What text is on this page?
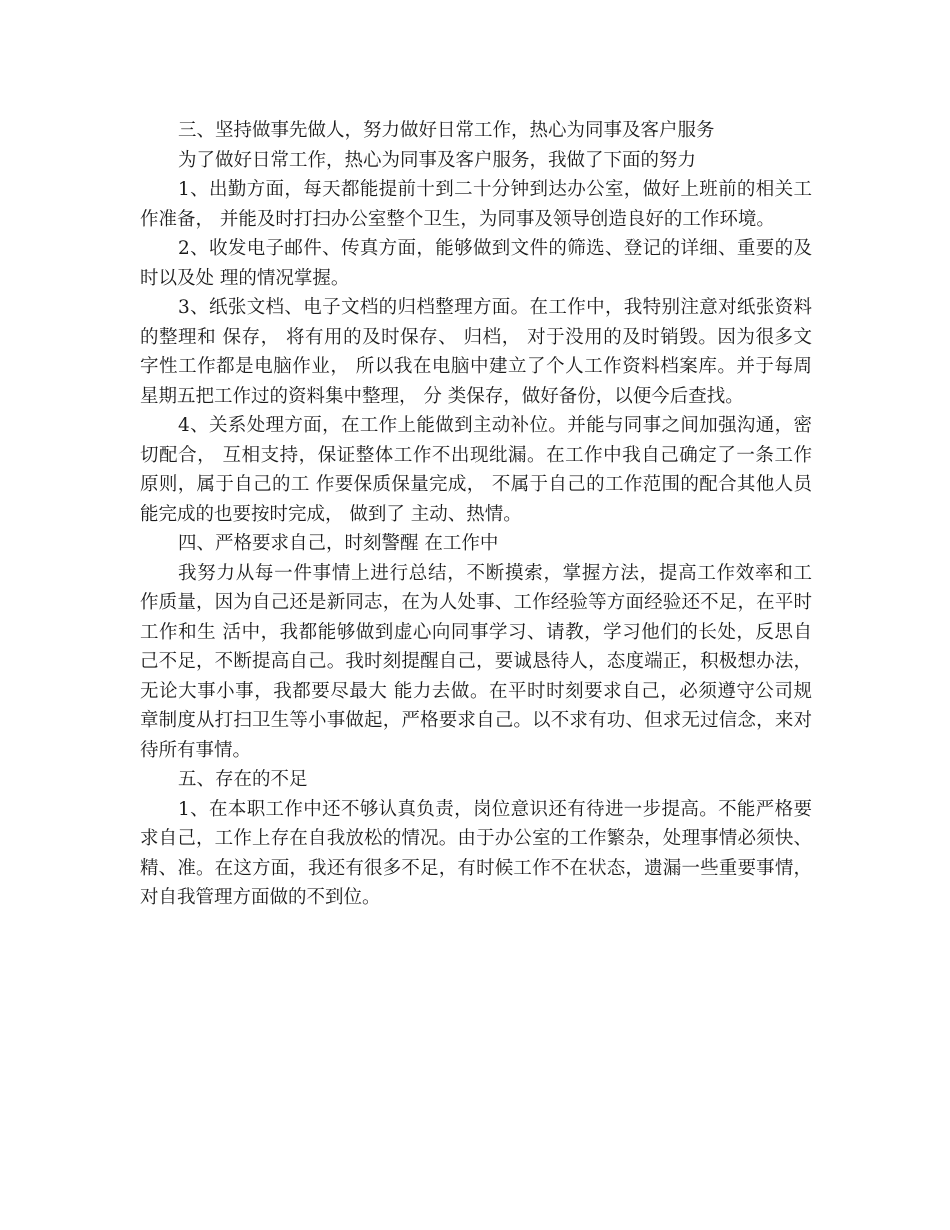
三、坚持做事先做人，努力做好日常工作，热心为同事及客户服务
为了做好日常工作，热心为同事及客户服务，我做了下面的努力
1、出勤方面，每天都能提前十到二十分钟到达办公室，做好上班前的相关工
作准备， 并能及时打扫办公室整个卫生，为同事及领导创造良好的工作环境。
2、收发电子邮件、传真方面，能够做到文件的筛选、登记的详细、重要的及
时以及处 理的情况掌握。
3、纸张文档、电子文档的归档整理方面。在工作中，我特别注意对纸张资料
的整理和 保存， 将有用的及时保存、 归档， 对于没用的及时销毁。因为很多文
字性工作都是电脑作业， 所以我在电脑中建立了个人工作资料档案库。并于每周
星期五把工作过的资料集中整理， 分 类保存，做好备份，以便今后查找。
4、关系处理方面，在工作上能做到主动补位。并能与同事之间加强沟通，密
切配合， 互相支持，保证整体工作不出现纰漏。在工作中我自己确定了一条工作
原则，属于自己的工 作要保质保量完成， 不属于自己的工作范围的配合其他人员
能完成的也要按时完成， 做到了 主动、热情。
四、严格要求自己，时刻警醒 在工作中
我努力从每一件事情上进行总结，不断摸索，掌握方法，提高工作效率和工
作质量，因为自己还是新同志，在为人处事、工作经验等方面经验还不足，在平时
工作和生 活中，我都能够做到虚心向同事学习、请教，学习他们的长处，反思自
己不足，不断提高自己。我时刻提醒自己，要诚恳待人，态度端正，积极想办法，
无论大事小事，我都要尽最大 能力去做。在平时时刻要求自己，必须遵守公司规
章制度从打扫卫生等小事做起，严格要求自己。以不求有功、但求无过信念，来对
待所有事情。
五、存在的不足
1、在本职工作中还不够认真负责，岗位意识还有待进一步提高。不能严格要
求自己，工作上存在自我放松的情况。由于办公室的工作繁杂，处理事情必须快、
精、准。在这方面，我还有很多不足，有时候工作不在状态，遗漏一些重要事情，
对自我管理方面做的不到位。
